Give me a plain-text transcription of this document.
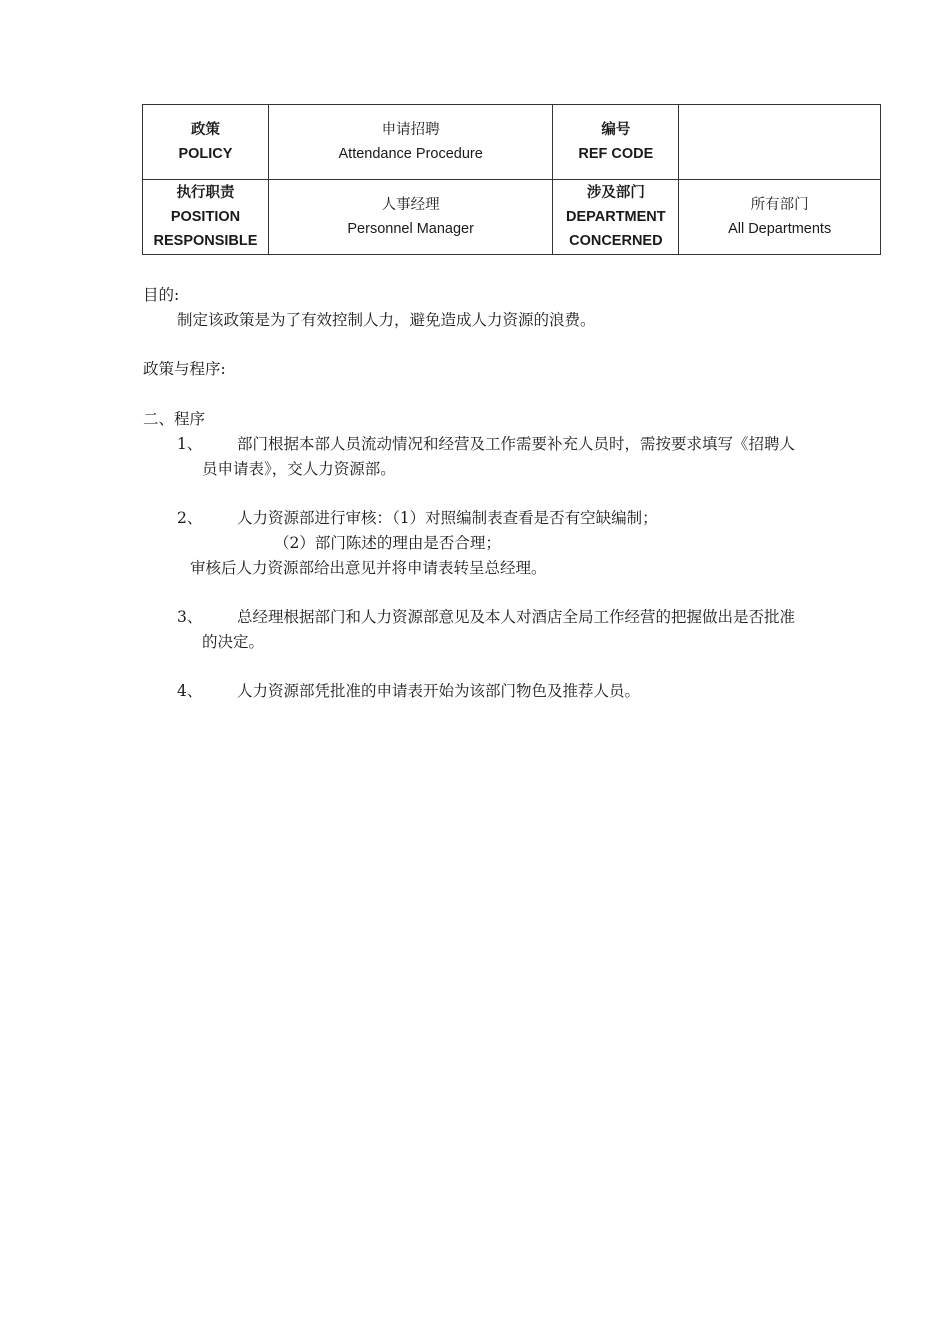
政策
POLICY	申请招聘
Attendance Procedure	编号
REF CODE	

执行职责
POSITION
RESPONSIBLE	人事经理
Personnel Manager	涉及部门
DEPARTMENT
CONCERNED	所有部门
All Departments
目的:
制定该政策是为了有效控制人力，避免造成人力资源的浪费。
政策与程序:
二、程序
1、 部门根据本部人员流动情况和经营及工作需要补充人员时，需按要求填写《招聘人
员申请表》，交人力资源部。
2、 人力资源部进行审核：（1）对照编制表查看是否有空缺编制；
（2）部门陈述的理由是否合理；
审核后人力资源部给出意见并将申请表转呈总经理。
3、 总经理根据部门和人力资源部意见及本人对酒店全局工作经营的把握做出是否批准
的决定。
4、 人力资源部凭批准的申请表开始为该部门物色及推荐人员。
